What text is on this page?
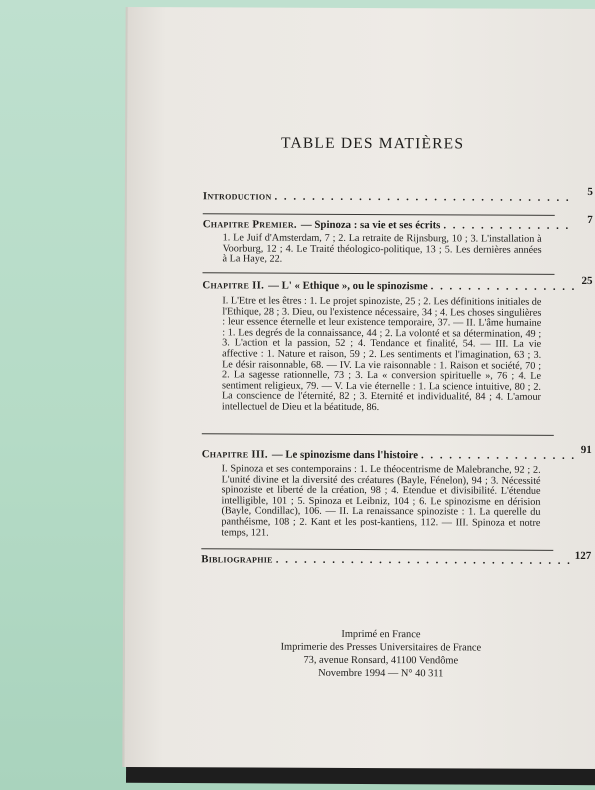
TABLE DES MATIÈRES
Introduction . . .	5
Chapitre Premier. — Spinoza : sa vie et ses écrits . . .	7
1. Le Juif d'Amsterdam, 7 ; 2. La retraite de Rijnsburg, 10 ; 3. L'installation à Voorburg, 12 ; 4. Le Traité théologico-politique, 13 ; 5. Les dernières années à La Haye, 22.
Chapitre II. — L' « Ethique », ou le spinozisme . . .	25
I. L'Etre et les êtres : 1. Le projet spinoziste, 25 ; 2. Les définitions initiales de l'Ethique, 28 ; 3. Dieu, ou l'existence nécessaire, 34 ; 4. Les choses singulières : leur essence éternelle et leur existence temporaire, 37. — II. L'âme humaine : 1. Les degrés de la connaissance, 44 ; 2. La volonté et sa détermination, 49 ; 3. L'action et la passion, 52 ; 4. Tendance et finalité, 54. — III. La vie affective : 1. Nature et raison, 59 ; 2. Les sentiments et l'imagination, 63 ; 3. Le désir raisonnable, 68. — IV. La vie raisonnable : 1. Raison et société, 70 ; 2. La sagesse rationnelle, 73 ; 3. La « conversion spirituelle », 76 ; 4. Le sentiment religieux, 79. — V. La vie éternelle : 1. La science intuitive, 80 ; 2. La conscience de l'éternité, 82 ; 3. Eternité et individualité, 84 ; 4. L'amour intellectuel de Dieu et la béatitude, 86.
Chapitre III. — Le spinozisme dans l'histoire . . .	91
I. Spinoza et ses contemporains : 1. Le théocentrisme de Malebranche, 92 ; 2. L'unité divine et la diversité des créatures (Bayle, Fénelon), 94 ; 3. Nécessité spinoziste et liberté de la création, 98 ; 4. Etendue et divisibilité. L'étendue intelligible, 101 ; 5. Spinoza et Leibniz, 104 ; 6. Le spinozisme en dérision (Bayle, Condillac), 106. — II. La renaissance spinoziste : 1. La querelle du panthéisme, 108 ; 2. Kant et les post-kantiens, 112. — III. Spinoza et notre temps, 121.
Bibliographie . . .	127
Imprimé en France
Imprimerie des Presses Universitaires de France
73, avenue Ronsard, 41100 Vendôme
Novembre 1994 — N° 40 311
